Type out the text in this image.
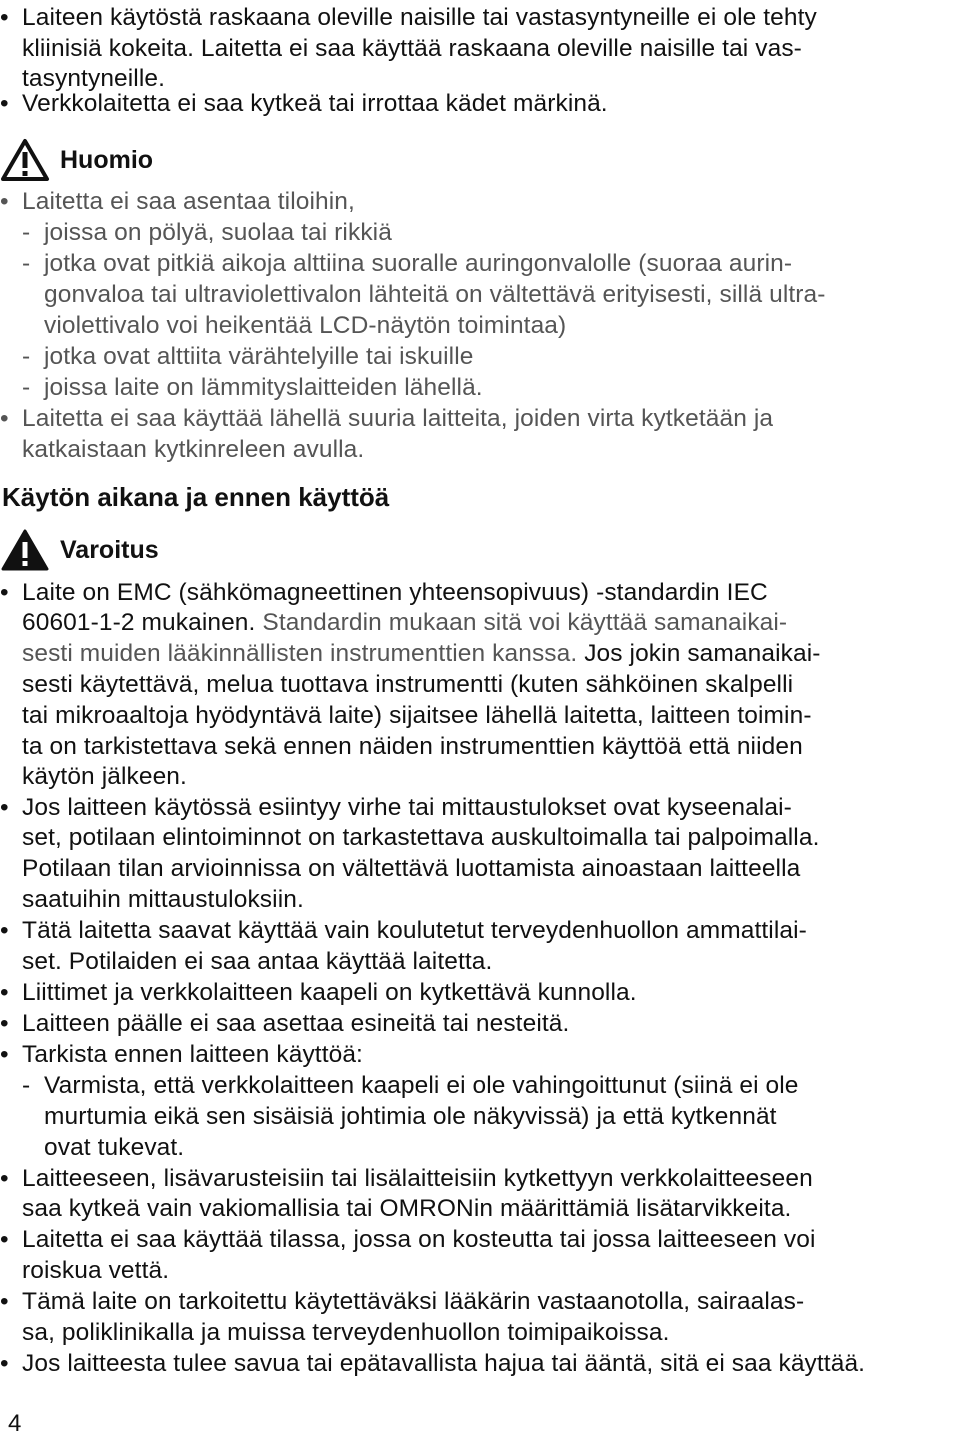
• Laiteen käytöstä raskaana oleville naisille tai vastasyntyneille ei ole tehty
kliinisiä kokeita. Laitetta ei saa käyttää raskaana oleville naisille tai vas-
tasyntyneille.
• Verkkolaitetta ei saa kytkeä tai irrottaa kädet märkinä.
Huomio
• Laitetta ei saa asentaa tiloihin,
- joissa on pölyä, suolaa tai rikkiä
- jotka ovat pitkiä aikoja alttiina suoralle auringonvalolle (suoraa aurin-
gonvaloa tai ultraviolettivalon lähteitä on vältettävä erityisesti, sillä ultra-
violettivalo voi heikentää LCD-näytön toimintaa)
- jotka ovat alttiita värähtelyille tai iskuille
- joissa laite on lämmityslaitteiden lähellä.
• Laitetta ei saa käyttää lähellä suuria laitteita, joiden virta kytketään ja
katkaistaan kytkinreleen avulla.
Käytön aikana ja ennen käyttöä
Varoitus
• Laite on EMC (sähkömagneettinen yhteensopivuus) -standardin IEC
60601-1-2 mukainen. Standardin mukaan sitä voi käyttää samanaikai-
sesti muiden lääkinnällisten instrumenttien kanssa. Jos jokin samanaikai-
sesti käytettävä, melua tuottava instrumentti (kuten sähköinen skalpelli
tai mikroaaltoja hyödyntävä laite) sijaitsee lähellä laitetta, laitteen toimin-
ta on tarkistettava sekä ennen näiden instrumenttien käyttöä että niiden
käytön jälkeen.
• Jos laitteen käytössä esiintyy virhe tai mittaustulokset ovat kyseenalai-
set, potilaan elintoiminnot on tarkastettava auskultoimalla tai palpoimalla.
Potilaan tilan arvioinnissa on vältettävä luottamista ainoastaan laitteella
saatuihin mittaustuloksiin.
• Tätä laitetta saavat käyttää vain koulutetut terveydenhuollon ammattilai-
set. Potilaiden ei saa antaa käyttää laitetta.
• Liittimet ja verkkolaitteen kaapeli on kytkettävä kunnolla.
• Laitteen päälle ei saa asettaa esineitä tai nesteitä.
• Tarkista ennen laitteen käyttöä:
- Varmista, että verkkolaitteen kaapeli ei ole vahingoittunut (siinä ei ole
murtumia eikä sen sisäisiä johtimia ole näkyvissä) ja että kytkennät
ovat tukevat.
• Laitteeseen, lisävarusteisiin tai lisälaitteisiin kytkettyyn verkkolaitteeseen
saa kytkeä vain vakiomallisia tai OMRONin määrittämiä lisätarvikkeita.
• Laitetta ei saa käyttää tilassa, jossa on kosteutta tai jossa laitteeseen voi
roiskua vettä.
• Tämä laite on tarkoitettu käytettäväksi lääkärin vastaanotolla, sairaalas-
sa, poliklinikalla ja muissa terveydenhuollon toimipaikoissa.
• Jos laitteesta tulee savua tai epätavallista hajua tai ääntä, sitä ei saa käyttää.
4
